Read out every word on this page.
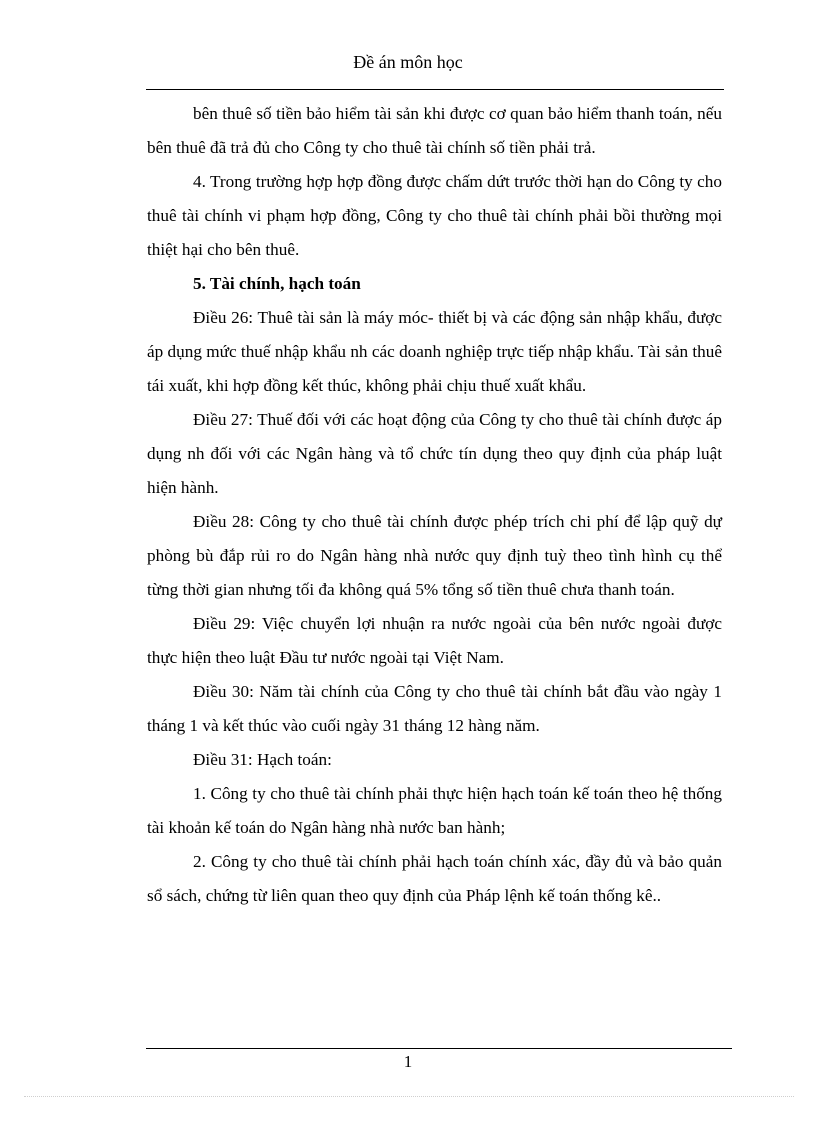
Đề án môn học

bên thuê số tiền bảo hiểm tài sản khi được cơ quan bảo hiểm thanh toán, nếu bên thuê đã trả đủ cho Công ty cho thuê tài chính số tiền phải trả.

4. Trong trường hợp hợp đồng được chấm dứt trước thời hạn do Công ty cho thuê tài chính vi phạm hợp đồng, Công ty cho thuê tài chính phải bồi thường mọi thiệt hại cho bên thuê.

5. Tài chính, hạch toán

Điều 26: Thuê tài sản là máy móc- thiết bị và các động sản nhập khẩu, được áp dụng mức thuế nhập khẩu nh các doanh nghiệp trực tiếp nhập khẩu. Tài sản thuê tái xuất, khi hợp đồng kết thúc, không phải chịu thuế xuất khẩu.

Điều 27: Thuế đối với các hoạt động của Công ty cho thuê tài chính được áp dụng nh đối với các Ngân hàng và tổ chức tín dụng theo quy định của pháp luật hiện hành.

Điều 28: Công ty cho thuê tài chính được phép trích chi phí để lập quỹ dự phòng bù đắp rủi ro do Ngân hàng nhà nước quy định tuỳ theo tình hình cụ thể từng thời gian nhưng tối đa không quá 5% tổng số tiền thuê chưa thanh toán.

Điều 29: Việc chuyển lợi nhuận ra nước ngoài của bên nước ngoài được thực hiện theo luật Đầu tư nước ngoài tại Việt Nam.

Điều 30: Năm tài chính của Công ty cho thuê tài chính bắt đầu vào ngày 1 tháng 1 và kết thúc vào cuối ngày 31 tháng 12 hàng năm.

Điều 31: Hạch toán:

1. Công ty cho thuê tài chính phải thực hiện hạch toán kế toán theo hệ thống tài khoản kế toán do Ngân hàng nhà nước ban hành;

2. Công ty cho thuê tài chính phải hạch toán chính xác, đầy đủ và bảo quản sổ sách, chứng từ liên quan theo quy định của Pháp lệnh kế toán thống kê..

1
